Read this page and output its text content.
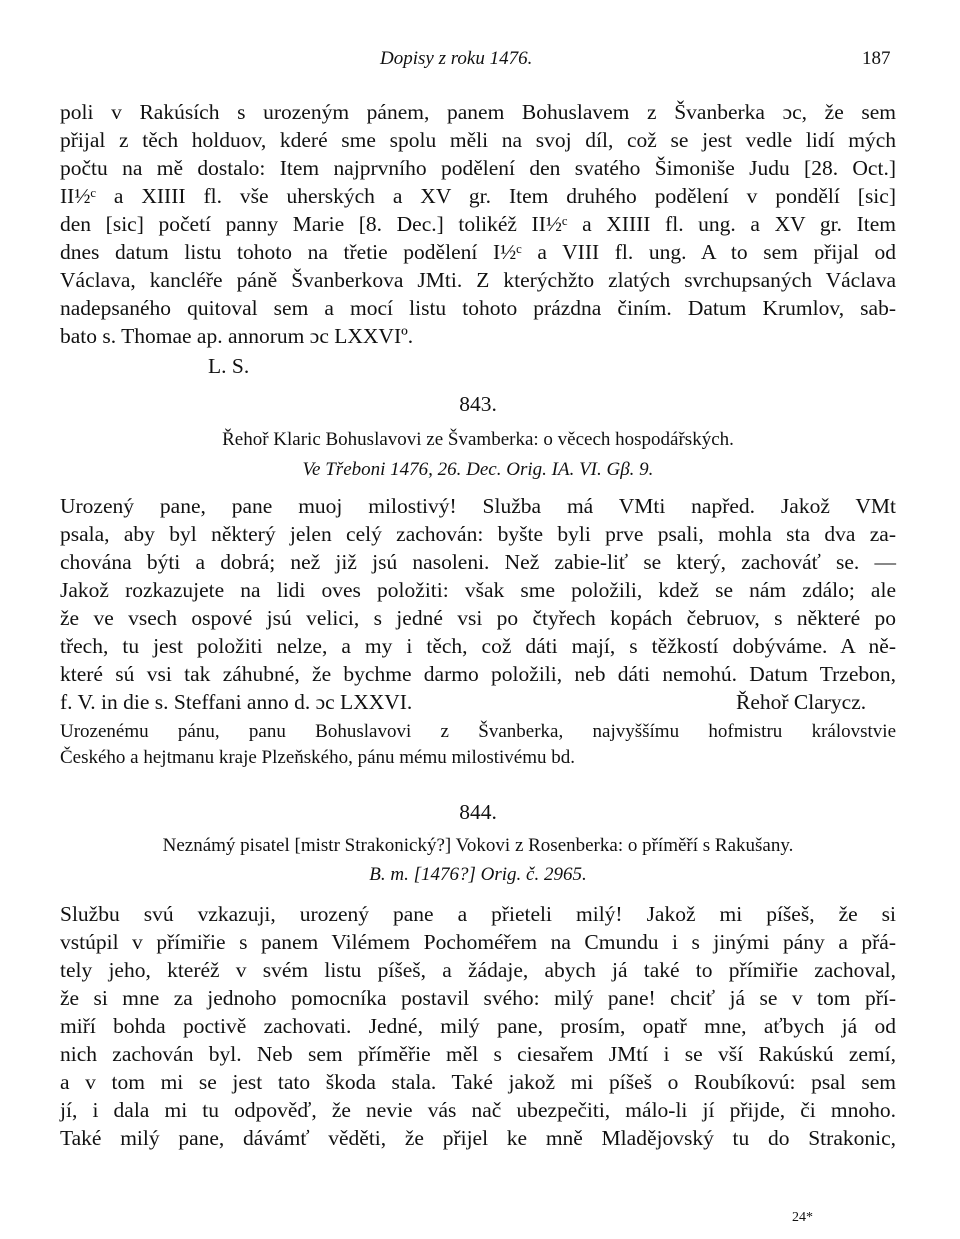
Dopisy z roku 1476.	187
poli v Rakúsích s urozeným pánem, panem Bohuslavem z Švanberka ɔc, že sem
přijal z těch holduov, kderé sme spolu měli na svoj díl, což se jest vedle lidí mých
počtu na mě dostalo: Item najprvního podělení den svatého Šimoniše Judu [28. Oct.]
II½ᶜ a XIIII fl. vše uherských a XV gr. Item druhého podělení v pondělí [sic]
den [sic] početí panny Marie [8. Dec.] tolikéž II½ᶜ a XIIII fl. ung. a XV gr. Item
dnes datum listu tohoto na třetie podělení I½ᶜ a VIII fl. ung. A to sem přijal od
Václava, kancléře páně Švanberkova JMti. Z kterýchžto zlatých svrchupsaných Václava
nadepsaného quitoval sem a mocí listu tohoto prázdna činím. Datum Krumlov, sab-
bato s. Thomae ap. annorum ɔc LXXVIº.
L. S.
843.
Řehoř Klaric Bohuslavovi ze Švamberka: o věcech hospodářských.
Ve Třeboni 1476, 26. Dec. Orig. IA. VI. Gβ. 9.
Urozený pane, pane muoj milostivý! Služba má VMti napřed. Jakož VMt
psala, aby byl některý jelen celý zachován: byšte byli prve psali, mohla sta dva za-
chována býti a dobrá; než již jsú nasoleni. Než zabie-liť se který, zachováť se. —
Jakož rozkazujete na lidi oves položiti: však sme položili, kdež se nám zdálo; ale
že ve vsech ospové jsú velici, s jedné vsi po čtyřech kopách čebruov, s některé po
třech, tu jest položiti nelze, a my i těch, což dáti mají, s těžkostí dobýváme. A ně-
které sú vsi tak záhubné, že bychme darmo položili, neb dáti nemohú. Datum Trzebon,
f. V. in die s. Steffani anno d. ɔc LXXVI.	Řehoř Clarycz.
Urozenému pánu, panu Bohuslavovi z Švanberka, najvyššímu hofmistru královstvie
Českého a hejtmanu kraje Plzeňského, pánu mému milostivému bd.
844.
Neznámý pisatel [mistr Strakonický?] Vokovi z Rosenberka: o příměří s Rakušany.
B. m. [1476?] Orig. č. 2965.
Službu svú vzkazuji, urozený pane a přieteli milý! Jakož mi píšeš, že si
vstúpil v přímiřie s panem Vilémem Pochoméřem na Cmundu i s jinými pány a přá-
tely jeho, kteréž v svém listu píšeš, a žádaje, abych já také to přímiřie zachoval,
že si mne za jednoho pomocníka postavil svého: milý pane! chciť já se v tom pří-
miří bohda poctivě zachovati. Jedné, milý pane, prosím, opatř mne, aťbych já od
nich zachován byl. Neb sem příměřie měl s ciesařem JMtí i se vší Rakúskú zemí,
a v tom mi se jest tato škoda stala. Také jakož mi píšeš o Roubíkovú: psal sem
jí, i dala mi tu odpověď, že nevie vás nač ubezpečiti, málo-li jí přijde, či mnoho.
Také milý pane, dávámť věděti, že přijel ke mně Mladějovský tu do Strakonic,
24*
